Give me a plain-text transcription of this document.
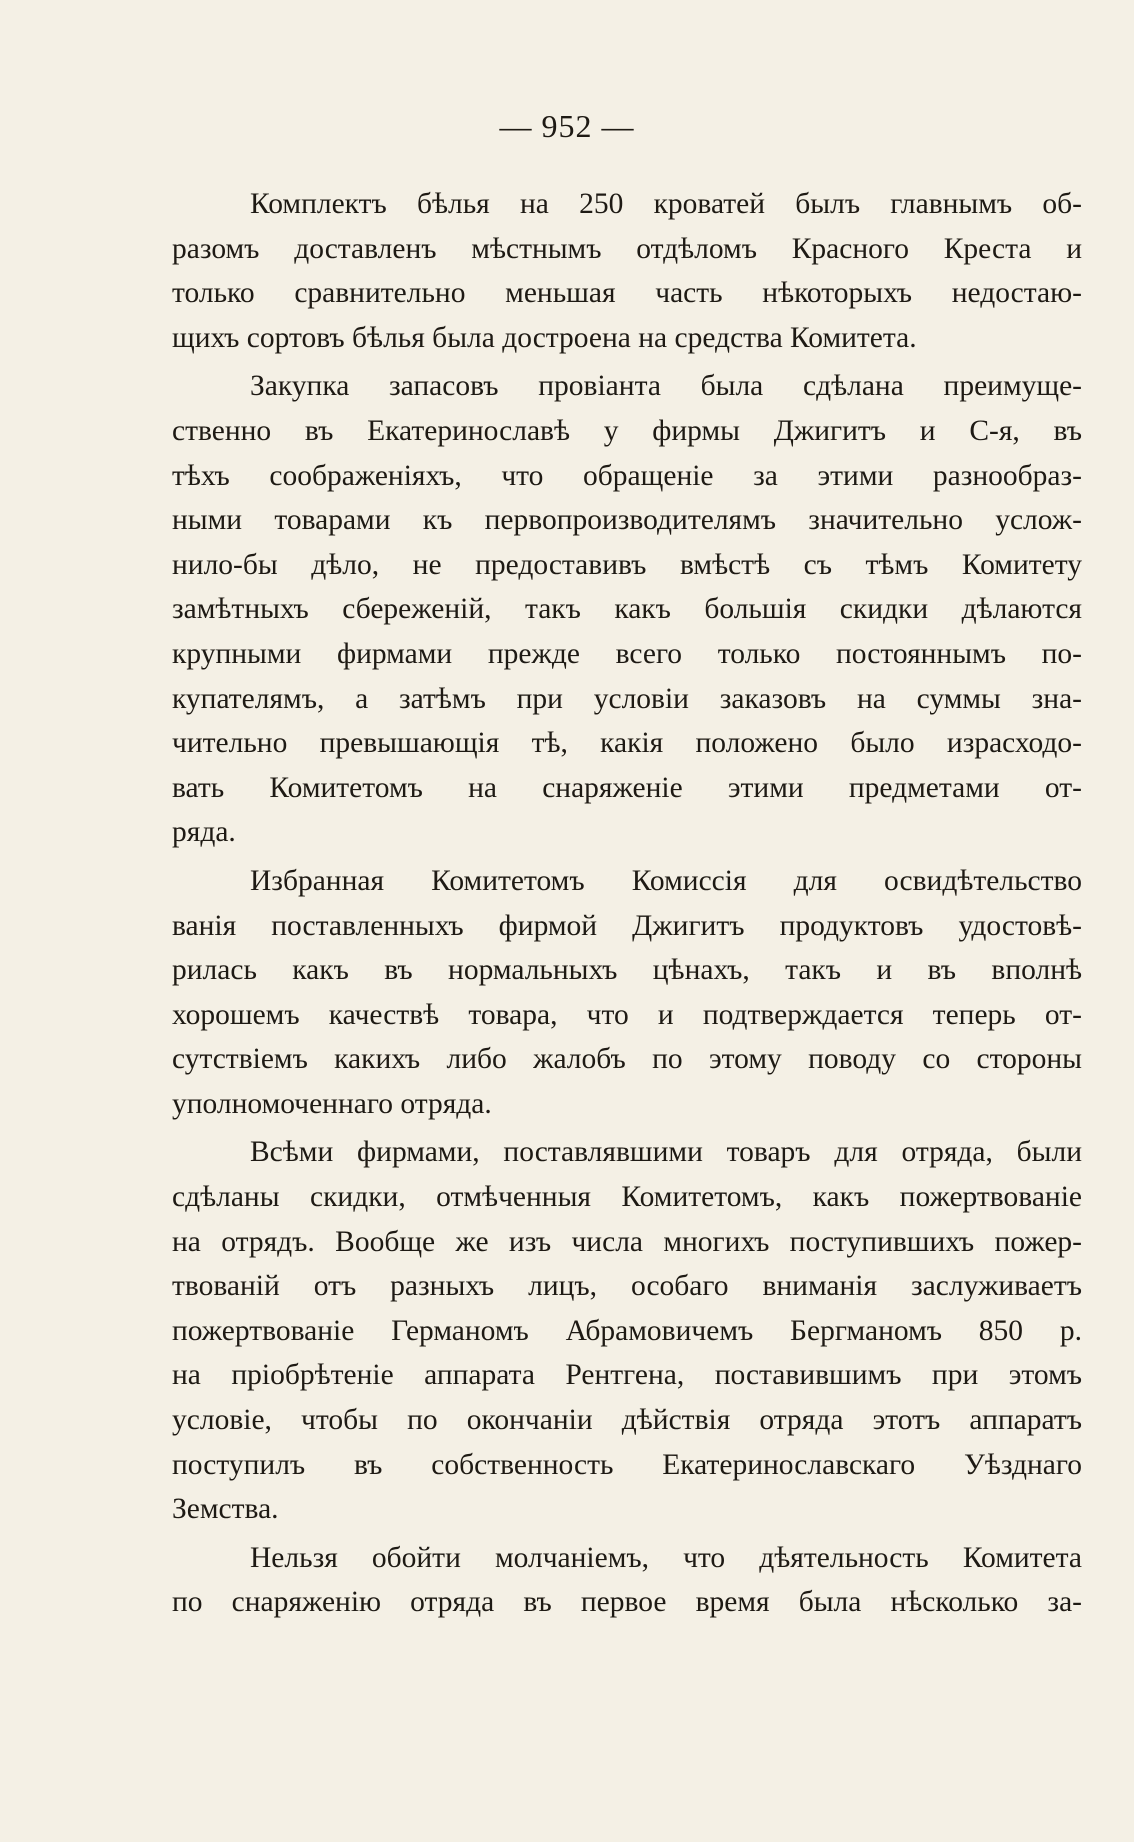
— 952 —

Комплектъ бѣлья на 250 кроватей былъ главнымъ об-

разомъ доставленъ мѣстнымъ отдѣломъ Красного Креста и

только сравнительно меньшая часть нѣкоторыхъ недостаю-

щихъ сортовъ бѣлья была достроена на средства Комитета.

Закупка запасовъ провіанта была сдѣлана преимуще-

ственно въ Екатеринославѣ у фирмы Джигитъ и С-я, въ

тѣхъ соображеніяхъ, что обращеніе за этими разнообраз-

ными товарами къ первопроизводителямъ значительно услож-

нило-бы дѣло, не предоставивъ вмѣстѣ съ тѣмъ Комитету

замѣтныхъ сбереженій, такъ какъ большія скидки дѣлаются

крупными фирмами прежде всего только постояннымъ по-

купателямъ, а затѣмъ при условіи заказовъ на суммы зна-

чительно превышающія тѣ, какія положено было израсходо-

вать Комитетомъ на снаряженіе этими предметами от-

ряда.

Избранная Комитетомъ Комиссія для освидѣтельство

ванія поставленныхъ фирмой Джигитъ продуктовъ удостовѣ-

рилась какъ въ нормальныхъ цѣнахъ, такъ и въ вполнѣ

хорошемъ качествѣ товара, что и подтверждается теперь от-

сутствіемъ какихъ либо жалобъ по этому поводу со стороны

уполномоченнаго отряда.

Всѣми фирмами, поставлявшими товаръ для отряда, были

сдѣланы скидки, отмѣченныя Комитетомъ, какъ пожертвованіе

на отрядъ. Вообще же изъ числа многихъ поступившихъ пожер-

твованій отъ разныхъ лицъ, особаго вниманія заслуживаетъ

пожертвованіе Германомъ Абрамовичемъ Бергманомъ 850 р.

на пріобрѣтеніе аппарата Рентгена, поставившимъ при этомъ

условіе, чтобы по окончаніи дѣйствія отряда этотъ аппаратъ

поступилъ въ собственность Екатеринославскаго Уѣзднаго

Земства.

Нельзя обойти молчаніемъ, что дѣятельность Комитета

по снаряженію отряда въ первое время была нѣсколько за-
